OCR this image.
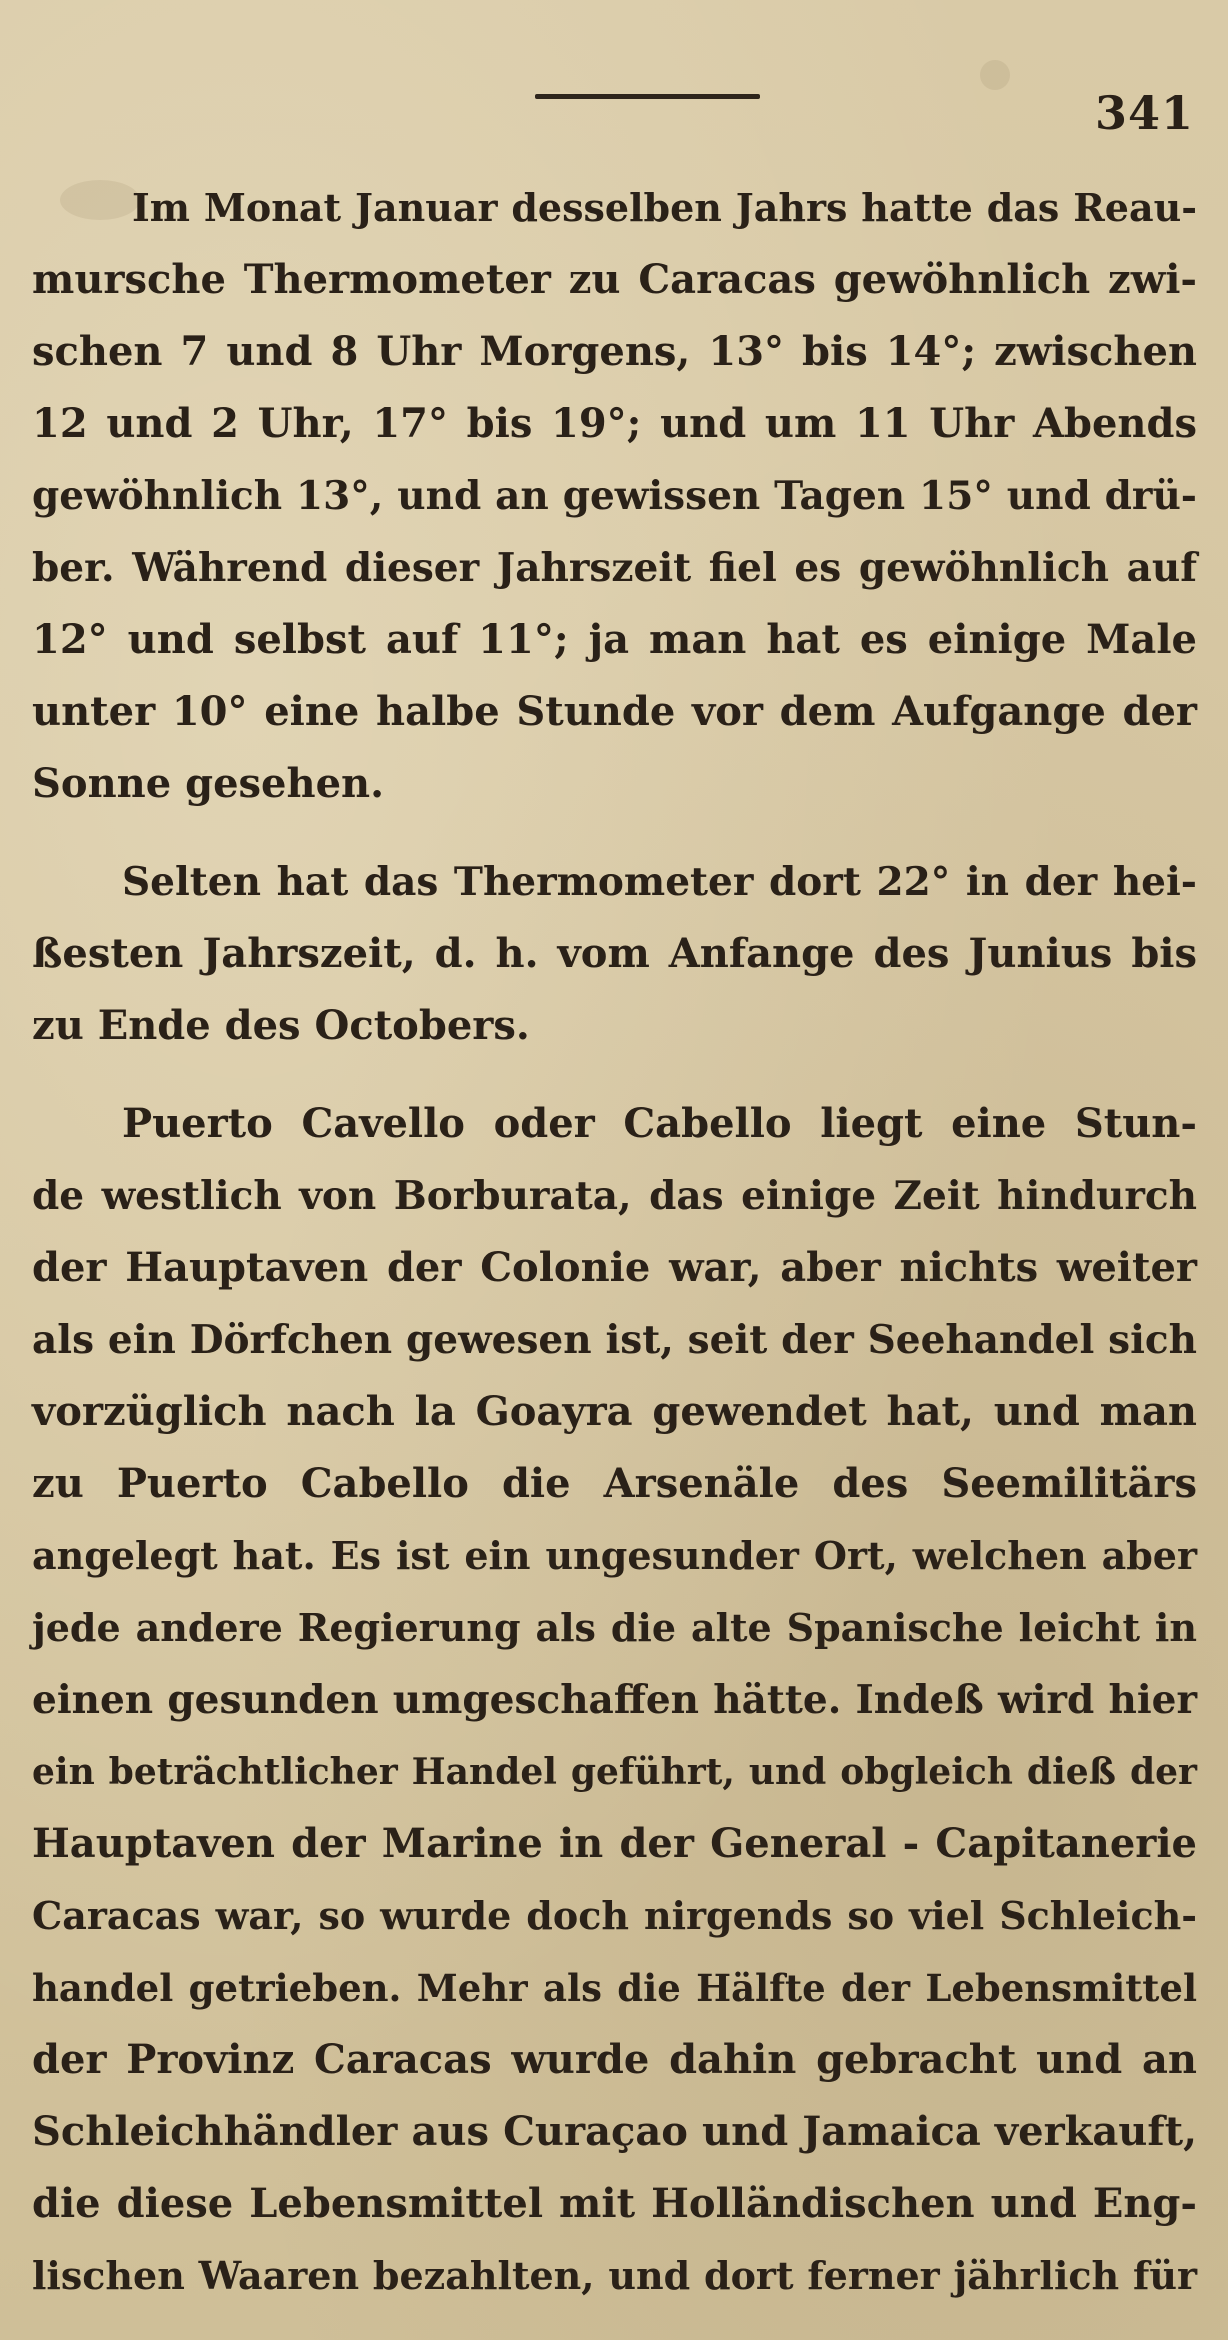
341
Im Monat Januar desselben Jahrs hatte das Reau-
mursche Thermometer zu Caracas gewöhnlich zwi-
schen 7 und 8 Uhr Morgens, 13° bis 14°; zwischen
12 und 2 Uhr, 17° bis 19°; und um 11 Uhr Abends
gewöhnlich 13°, und an gewissen Tagen 15° und drü-
ber. Während dieser Jahrszeit fiel es gewöhnlich auf
12° und selbst auf 11°; ja man hat es einige Male
unter 10° eine halbe Stunde vor dem Aufgange der
Sonne gesehen.
Selten hat das Thermometer dort 22° in der hei-
ßesten Jahrszeit, d. h. vom Anfange des Junius bis
zu Ende des Octobers.
Puerto Cavello oder Cabello liegt eine Stun-
de westlich von Borburata, das einige Zeit hindurch
der Hauptaven der Colonie war, aber nichts weiter
als ein Dörfchen gewesen ist, seit der Seehandel sich
vorzüglich nach la Goayra gewendet hat, und man
zu Puerto Cabello die Arsenäle des Seemilitärs
angelegt hat. Es ist ein ungesunder Ort, welchen aber
jede andere Regierung als die alte Spanische leicht in
einen gesunden umgeschaffen hätte. Indeß wird hier
ein beträchtlicher Handel geführt, und obgleich dieß der
Hauptaven der Marine in der General - Capitanerie
Caracas war, so wurde doch nirgends so viel Schleich-
handel getrieben. Mehr als die Hälfte der Lebensmittel
der Provinz Caracas wurde dahin gebracht und an
Schleichhändler aus Curaçao und Jamaica verkauft,
die diese Lebensmittel mit Holländischen und Eng-
lischen Waaren bezahlten, und dort ferner jährlich für
